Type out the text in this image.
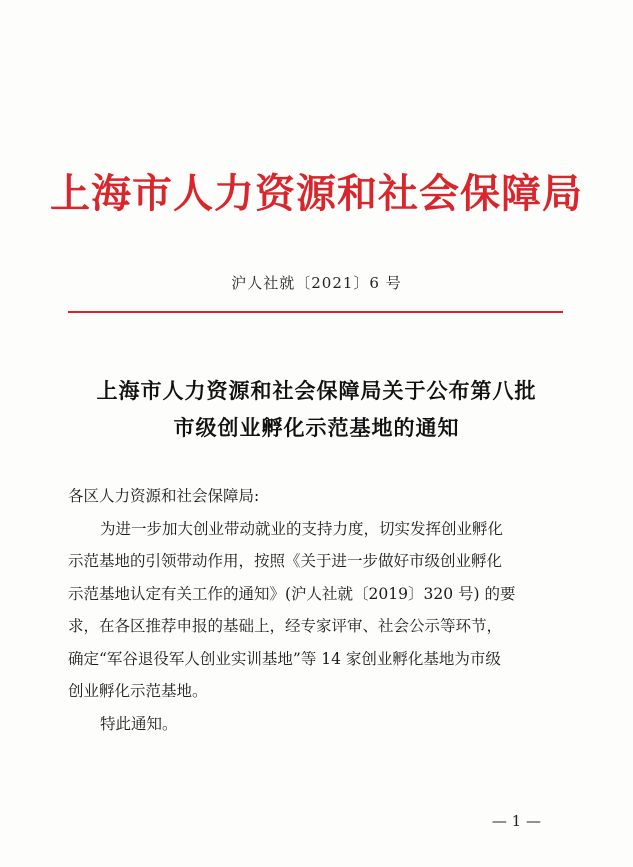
上海市人力资源和社会保障局
沪人社就〔2021〕6 号
上海市人力资源和社会保障局关于公布第八批
市级创业孵化示范基地的通知
各区人力资源和社会保障局:
为进一步加大创业带动就业的支持力度，切实发挥创业孵化
示范基地的引领带动作用，按照《关于进一步做好市级创业孵化
示范基地认定有关工作的通知》(沪人社就〔2019〕320 号) 的要
求，在各区推荐申报的基础上，经专家评审、社会公示等环节，
确定“军谷退役军人创业实训基地”等 14 家创业孵化基地为市级
创业孵化示范基地。
特此通知。
— 1 —
